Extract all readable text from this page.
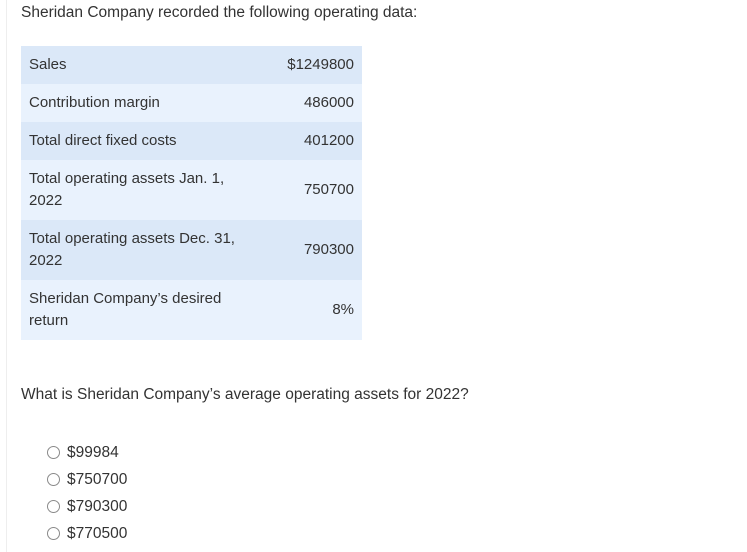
Sheridan Company recorded the following operating data:
Sales	$1249800
Contribution margin	486000
Total direct fixed costs	401200
Total operating assets Jan. 1, 2022	750700
Total operating assets Dec. 31, 2022	790300
Sheridan Company’s desired return	8%
What is Sheridan Company’s average operating assets for 2022?
$99984
$750700
$790300
$770500
